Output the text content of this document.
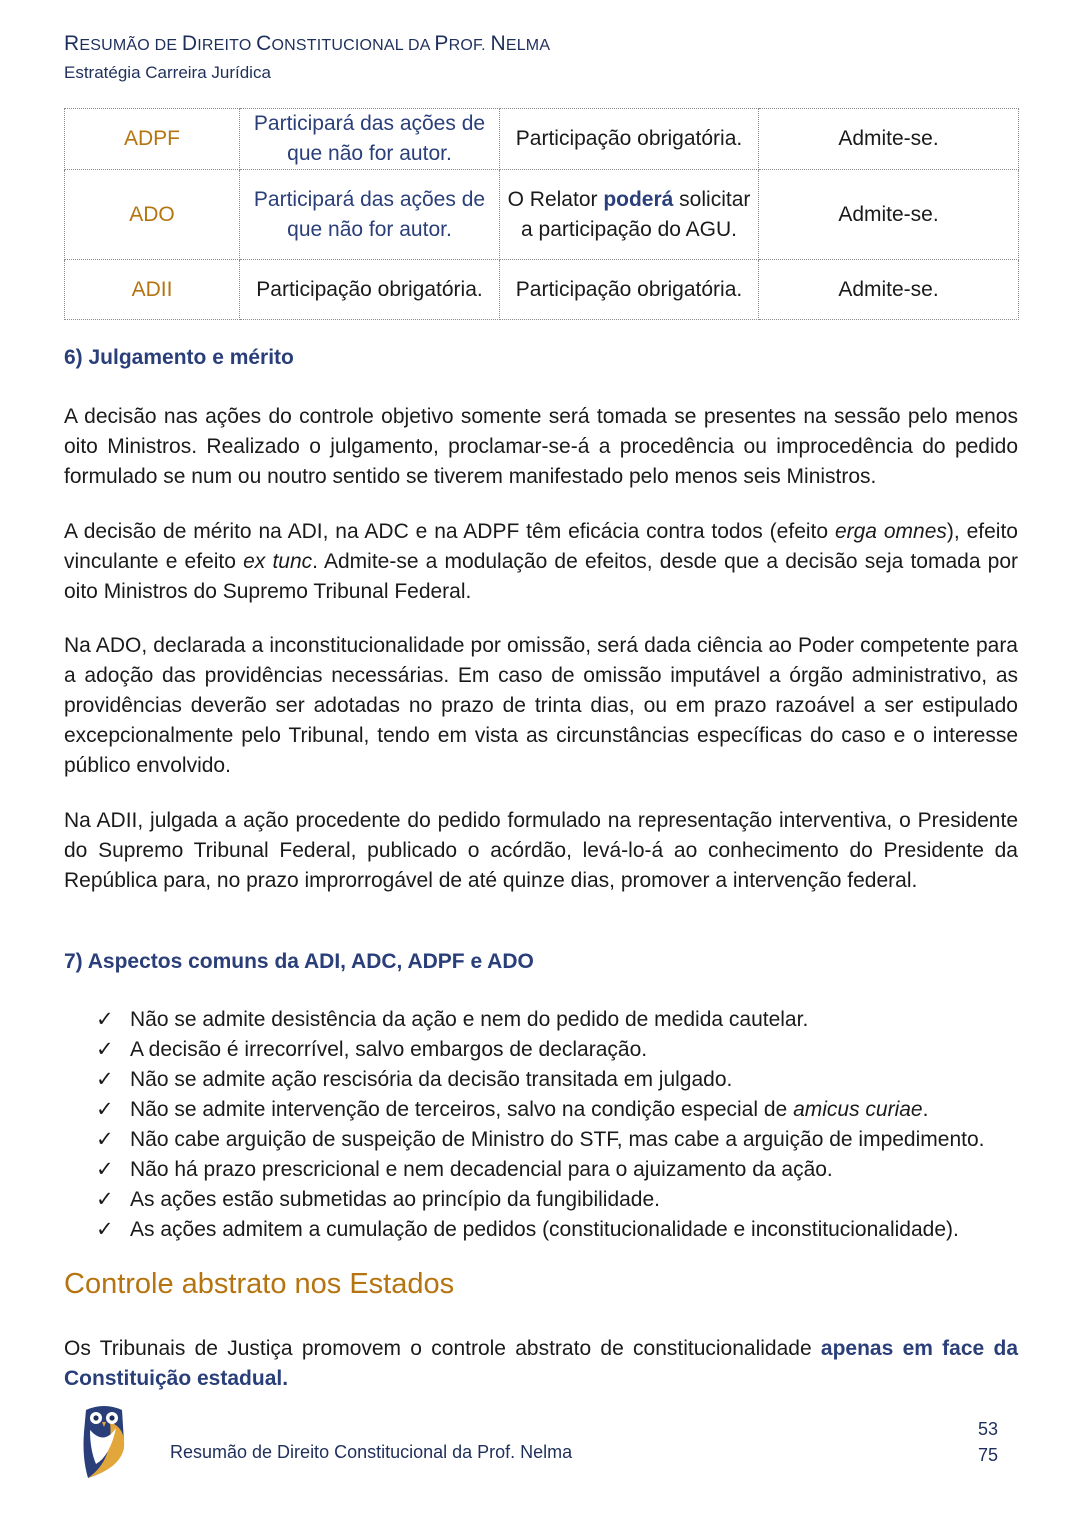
RESUMÃO DE DIREITO CONSTITUCIONAL DA PROF. NELMA
Estratégia Carreira Jurídica
ADPF	Participará das ações de que não for autor.	Participação obrigatória.	Admite-se.
ADO	Participará das ações de que não for autor.	O Relator poderá solicitar a participação do AGU.	Admite-se.
ADII	Participação obrigatória.	Participação obrigatória.	Admite-se.
6) Julgamento e mérito
A decisão nas ações do controle objetivo somente será tomada se presentes na sessão pelo menos oito Ministros. Realizado o julgamento, proclamar-se-á a procedência ou improcedência do pedido formulado se num ou noutro sentido se tiverem manifestado pelo menos seis Ministros.
A decisão de mérito na ADI, na ADC e na ADPF têm eficácia contra todos (efeito erga omnes), efeito vinculante e efeito ex tunc. Admite-se a modulação de efeitos, desde que a decisão seja tomada por oito Ministros do Supremo Tribunal Federal.
Na ADO, declarada a inconstitucionalidade por omissão, será dada ciência ao Poder competente para a adoção das providências necessárias. Em caso de omissão imputável a órgão administrativo, as providências deverão ser adotadas no prazo de trinta dias, ou em prazo razoável a ser estipulado excepcionalmente pelo Tribunal, tendo em vista as circunstâncias específicas do caso e o interesse público envolvido.
Na ADII, julgada a ação procedente do pedido formulado na representação interventiva, o Presidente do Supremo Tribunal Federal, publicado o acórdão, levá-lo-á ao conhecimento do Presidente da República para, no prazo improrrogável de até quinze dias, promover a intervenção federal.
7) Aspectos comuns da ADI, ADC, ADPF e ADO
✓ Não se admite desistência da ação e nem do pedido de medida cautelar.
✓ A decisão é irrecorrível, salvo embargos de declaração.
✓ Não se admite ação rescisória da decisão transitada em julgado.
✓ Não se admite intervenção de terceiros, salvo na condição especial de amicus curiae.
✓ Não cabe arguição de suspeição de Ministro do STF, mas cabe a arguição de impedimento.
✓ Não há prazo prescricional e nem decadencial para o ajuizamento da ação.
✓ As ações estão submetidas ao princípio da fungibilidade.
✓ As ações admitem a cumulação de pedidos (constitucionalidade e inconstitucionalidade).
Controle abstrato nos Estados
Os Tribunais de Justiça promovem o controle abstrato de constitucionalidade apenas em face da Constituição estadual.
Resumão de Direito Constitucional da Prof. Nelma
53
75
